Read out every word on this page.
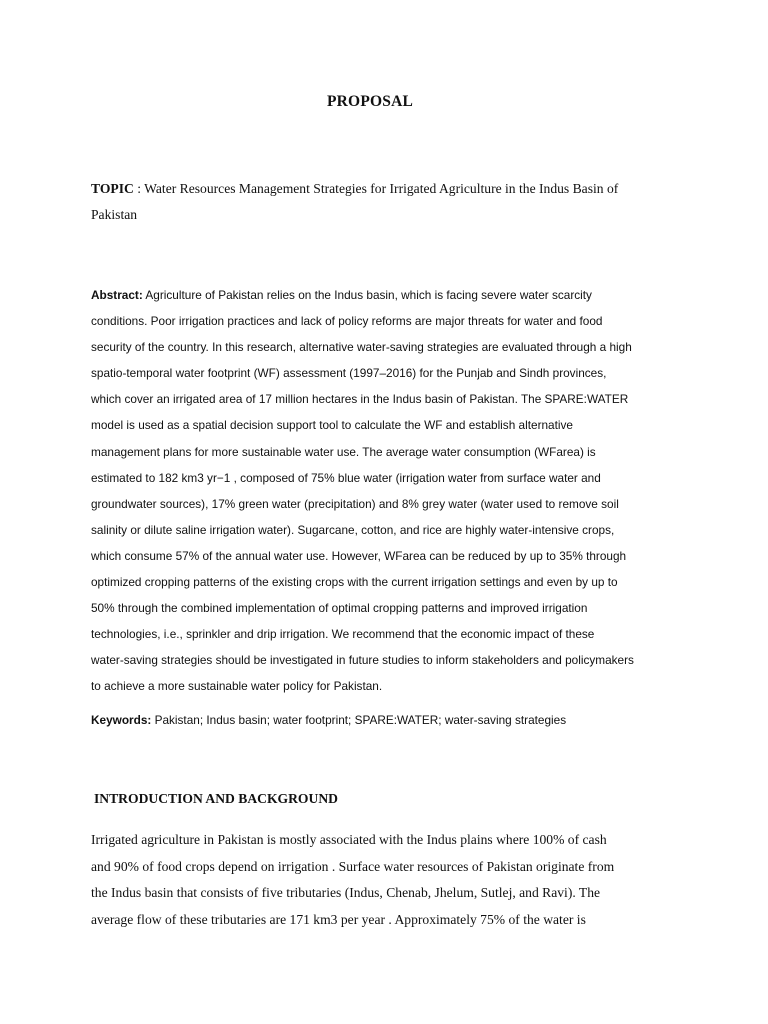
PROPOSAL
TOPIC : Water Resources Management Strategies for Irrigated Agriculture in the Indus Basin of
Pakistan
Abstract: Agriculture of Pakistan relies on the Indus basin, which is facing severe water scarcity
conditions. Poor irrigation practices and lack of policy reforms are major threats for water and food
security of the country. In this research, alternative water-saving strategies are evaluated through a high
spatio-temporal water footprint (WF) assessment (1997–2016) for the Punjab and Sindh provinces,
which cover an irrigated area of 17 million hectares in the Indus basin of Pakistan. The SPARE:WATER
model is used as a spatial decision support tool to calculate the WF and establish alternative
management plans for more sustainable water use. The average water consumption (WFarea) is
estimated to 182 km3 yr−1 , composed of 75% blue water (irrigation water from surface water and
groundwater sources), 17% green water (precipitation) and 8% grey water (water used to remove soil
salinity or dilute saline irrigation water). Sugarcane, cotton, and rice are highly water-intensive crops,
which consume 57% of the annual water use. However, WFarea can be reduced by up to 35% through
optimized cropping patterns of the existing crops with the current irrigation settings and even by up to
50% through the combined implementation of optimal cropping patterns and improved irrigation
technologies, i.e., sprinkler and drip irrigation. We recommend that the economic impact of these
water-saving strategies should be investigated in future studies to inform stakeholders and policymakers
to achieve a more sustainable water policy for Pakistan.
Keywords: Pakistan; Indus basin; water footprint; SPARE:WATER; water-saving strategies
INTRODUCTION AND BACKGROUND
Irrigated agriculture in Pakistan is mostly associated with the Indus plains where 100% of cash
and 90% of food crops depend on irrigation . Surface water resources of Pakistan originate from
the Indus basin that consists of five tributaries (Indus, Chenab, Jhelum, Sutlej, and Ravi). The
average flow of these tributaries are 171 km3 per year . Approximately 75% of the water is
